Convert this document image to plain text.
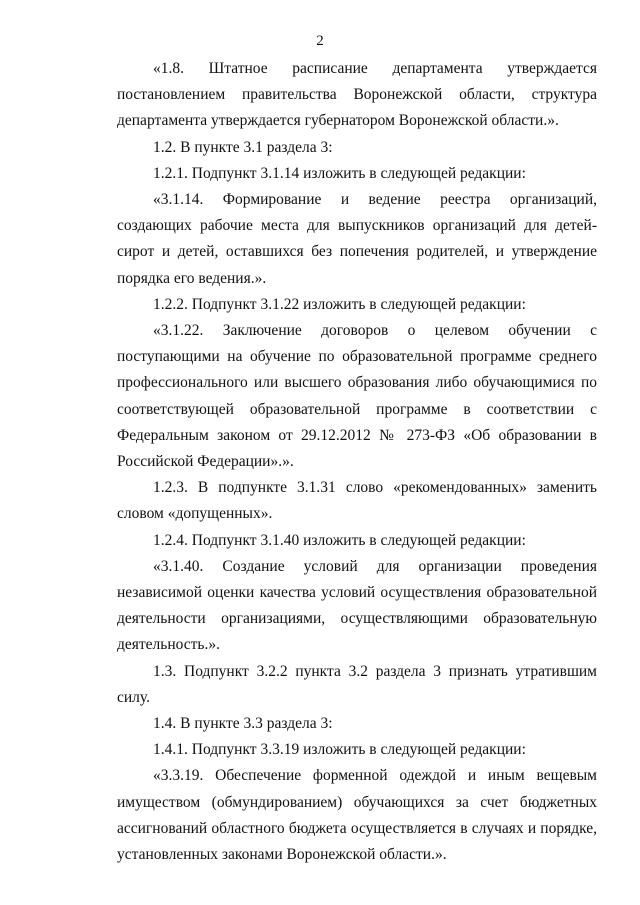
2

«1.8. Штатное расписание департамента утверждается постановлением правительства Воронежской области, структура департамента утверждается губернатором Воронежской области.».

1.2. В пункте 3.1 раздела 3:

1.2.1. Подпункт 3.1.14 изложить в следующей редакции:

«3.1.14. Формирование и ведение реестра организаций, создающих рабочие места для выпускников организаций для детей-сирот и детей, оставшихся без попечения родителей, и утверждение порядка его ведения.».

1.2.2. Подпункт 3.1.22 изложить в следующей редакции:

«3.1.22. Заключение договоров о целевом обучении с поступающими на обучение по образовательной программе среднего профессионального или высшего образования либо обучающимися по соответствующей образовательной программе в соответствии с Федеральным законом от 29.12.2012 № 273-ФЗ «Об образовании в Российской Федерации».».

1.2.3. В подпункте 3.1.31 слово «рекомендованных» заменить словом «допущенных».

1.2.4. Подпункт 3.1.40 изложить в следующей редакции:

«3.1.40. Создание условий для организации проведения независимой оценки качества условий осуществления образовательной деятельности организациями, осуществляющими образовательную деятельность.».

1.3. Подпункт 3.2.2 пункта 3.2 раздела 3 признать утратившим силу.

1.4. В пункте 3.3 раздела 3:

1.4.1. Подпункт 3.3.19 изложить в следующей редакции:

«3.3.19. Обеспечение форменной одеждой и иным вещевым имуществом (обмундированием) обучающихся за счет бюджетных ассигнований областного бюджета осуществляется в случаях и порядке, установленных законами Воронежской области.».
